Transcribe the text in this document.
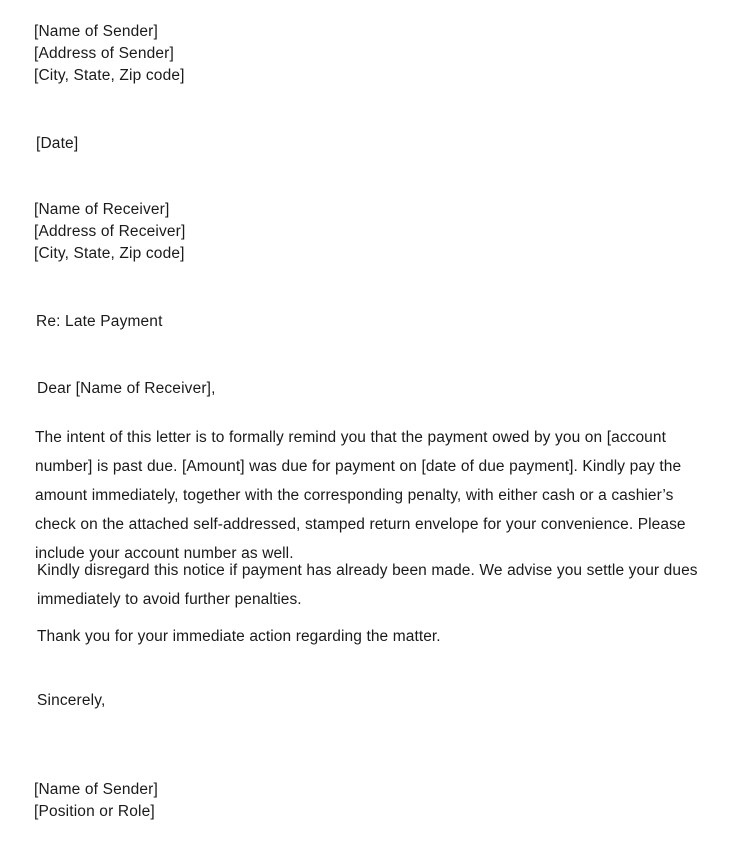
[Name of Sender]
[Address of Sender]
[City, State, Zip code]
[Date]
[Name of Receiver]
[Address of Receiver]
[City, State, Zip code]
Re: Late Payment
Dear [Name of Receiver],
The intent of this letter is to formally remind you that the payment owed by you on [account number] is past due. [Amount] was due for payment on [date of due payment]. Kindly pay the amount immediately, together with the corresponding penalty, with either cash or a cashier’s check on the attached self-addressed, stamped return envelope for your convenience. Please include your account number as well.
Kindly disregard this notice if payment has already been made. We advise you settle your dues immediately to avoid further penalties.
Thank you for your immediate action regarding the matter.
Sincerely,
[Name of Sender]
[Position or Role]
